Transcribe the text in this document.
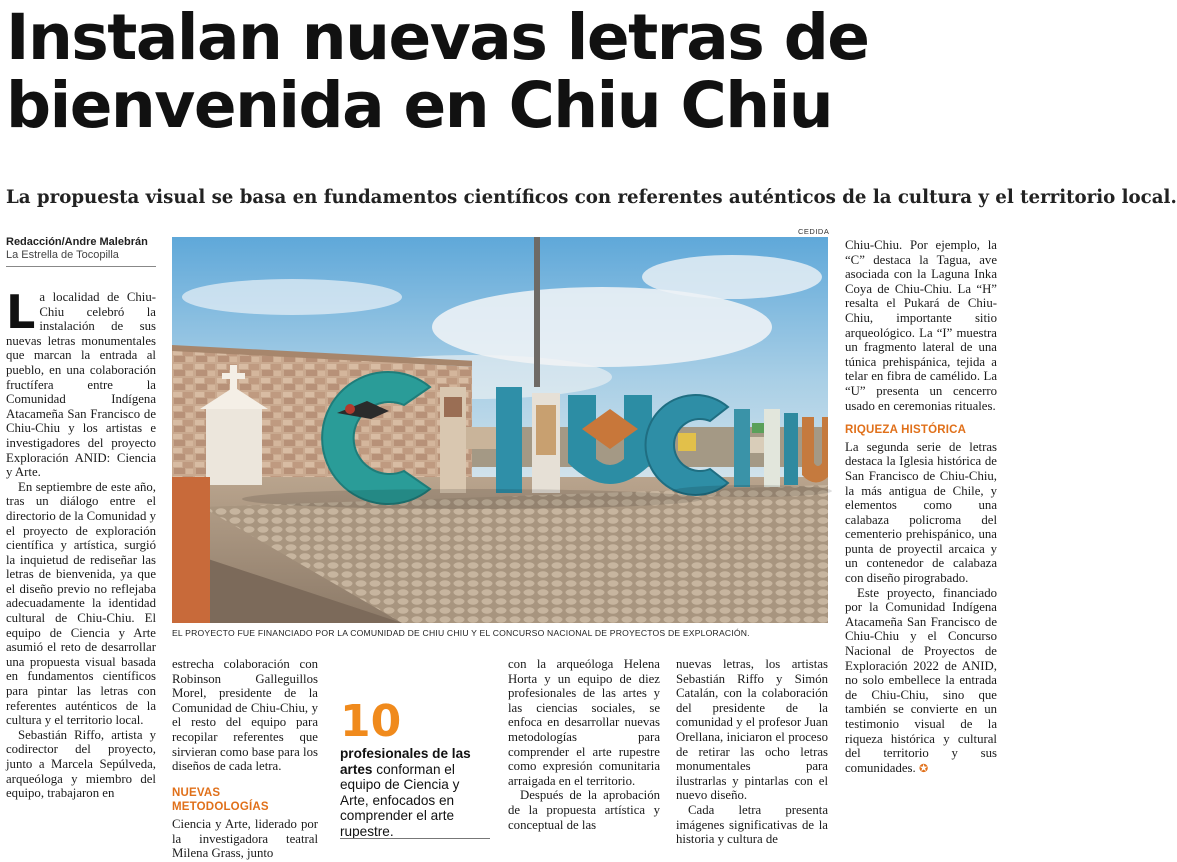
Instalan nuevas letras de
bienvenida en Chiu Chiu
La propuesta visual se basa en fundamentos científicos con referentes auténticos de la cultura y el territorio local.
Redacción/Andre Malebrán
La Estrella de Tocopilla
CEDIDA
EL PROYECTO FUE FINANCIADO POR LA COMUNIDAD DE CHIU CHIU Y EL CONCURSO NACIONAL DE PROYECTOS DE EXPLORACIÓN.

La localidad de Chiu-Chiu celebró la instalación de sus nuevas letras monumentales que marcan la entrada al pueblo, en una colaboración fructífera entre la Comunidad Indígena Atacameña San Francisco de Chiu-Chiu y los artistas e investigadores del proyecto Exploración ANID: Ciencia y Arte.

En septiembre de este año, tras un diálogo entre el directorio de la Comunidad y el proyecto de exploración científica y artística, surgió la inquietud de rediseñar las letras de bienvenida, ya que el diseño previo no reflejaba adecuadamente la identidad cultural de Chiu-Chiu. El equipo de Ciencia y Arte asumió el reto de desarrollar una propuesta visual basada en fundamentos científicos para pintar las letras con referentes auténticos de la cultura y el territorio local.

Sebastián Riffo, artista y codirector del proyecto, junto a Marcela Sepúlveda, arqueóloga y miembro del equipo, trabajaron en

estrecha colaboración con Robinson Galleguillos Morel, presidente de la Comunidad de Chiu-Chiu, y el resto del equipo para recopilar referentes que sirvieran como base para los diseños de cada letra.

NUEVAS METODOLOGÍAS

Ciencia y Arte, liderado por la investigadora teatral Milena Grass, junto

10
profesionales de las artes conforman el equipo de Ciencia y Arte, enfocados en comprender el arte rupestre.

con la arqueóloga Helena Horta y un equipo de diez profesionales de las artes y las ciencias sociales, se enfoca en desarrollar nuevas metodologías para comprender el arte rupestre como expresión comunitaria arraigada en el territorio.

Después de la aprobación de la propuesta artística y conceptual de las

nuevas letras, los artistas Sebastián Riffo y Simón Catalán, con la colaboración del presidente de la comunidad y el profesor Juan Orellana, iniciaron el proceso de retirar las ocho letras monumentales para ilustrarlas y pintarlas con el nuevo diseño.

Cada letra presenta imágenes significativas de la historia y cultura de

Chiu-Chiu. Por ejemplo, la “C” destaca la Tagua, ave asociada con la Laguna Inka Coya de Chiu-Chiu. La “H” resalta el Pukará de Chiu-Chiu, importante sitio arqueológico. La “I” muestra un fragmento lateral de una túnica prehispánica, tejida a telar en fibra de camélido. La “U” presenta un cencerro usado en ceremonias rituales.

RIQUEZA HISTÓRICA

La segunda serie de letras destaca la Iglesia histórica de San Francisco de Chiu-Chiu, la más antigua de Chile, y elementos como una calabaza policroma del cementerio prehispánico, una punta de proyectil arcaica y un contenedor de calabaza con diseño pirograbado.

Este proyecto, financiado por la Comunidad Indígena Atacameña San Francisco de Chiu-Chiu y el Concurso Nacional de Proyectos de Exploración 2022 de ANID, no solo embellece la entrada de Chiu-Chiu, sino que también se convierte en un testimonio visual de la riqueza histórica y cultural del territorio y sus comunidades. ✪
